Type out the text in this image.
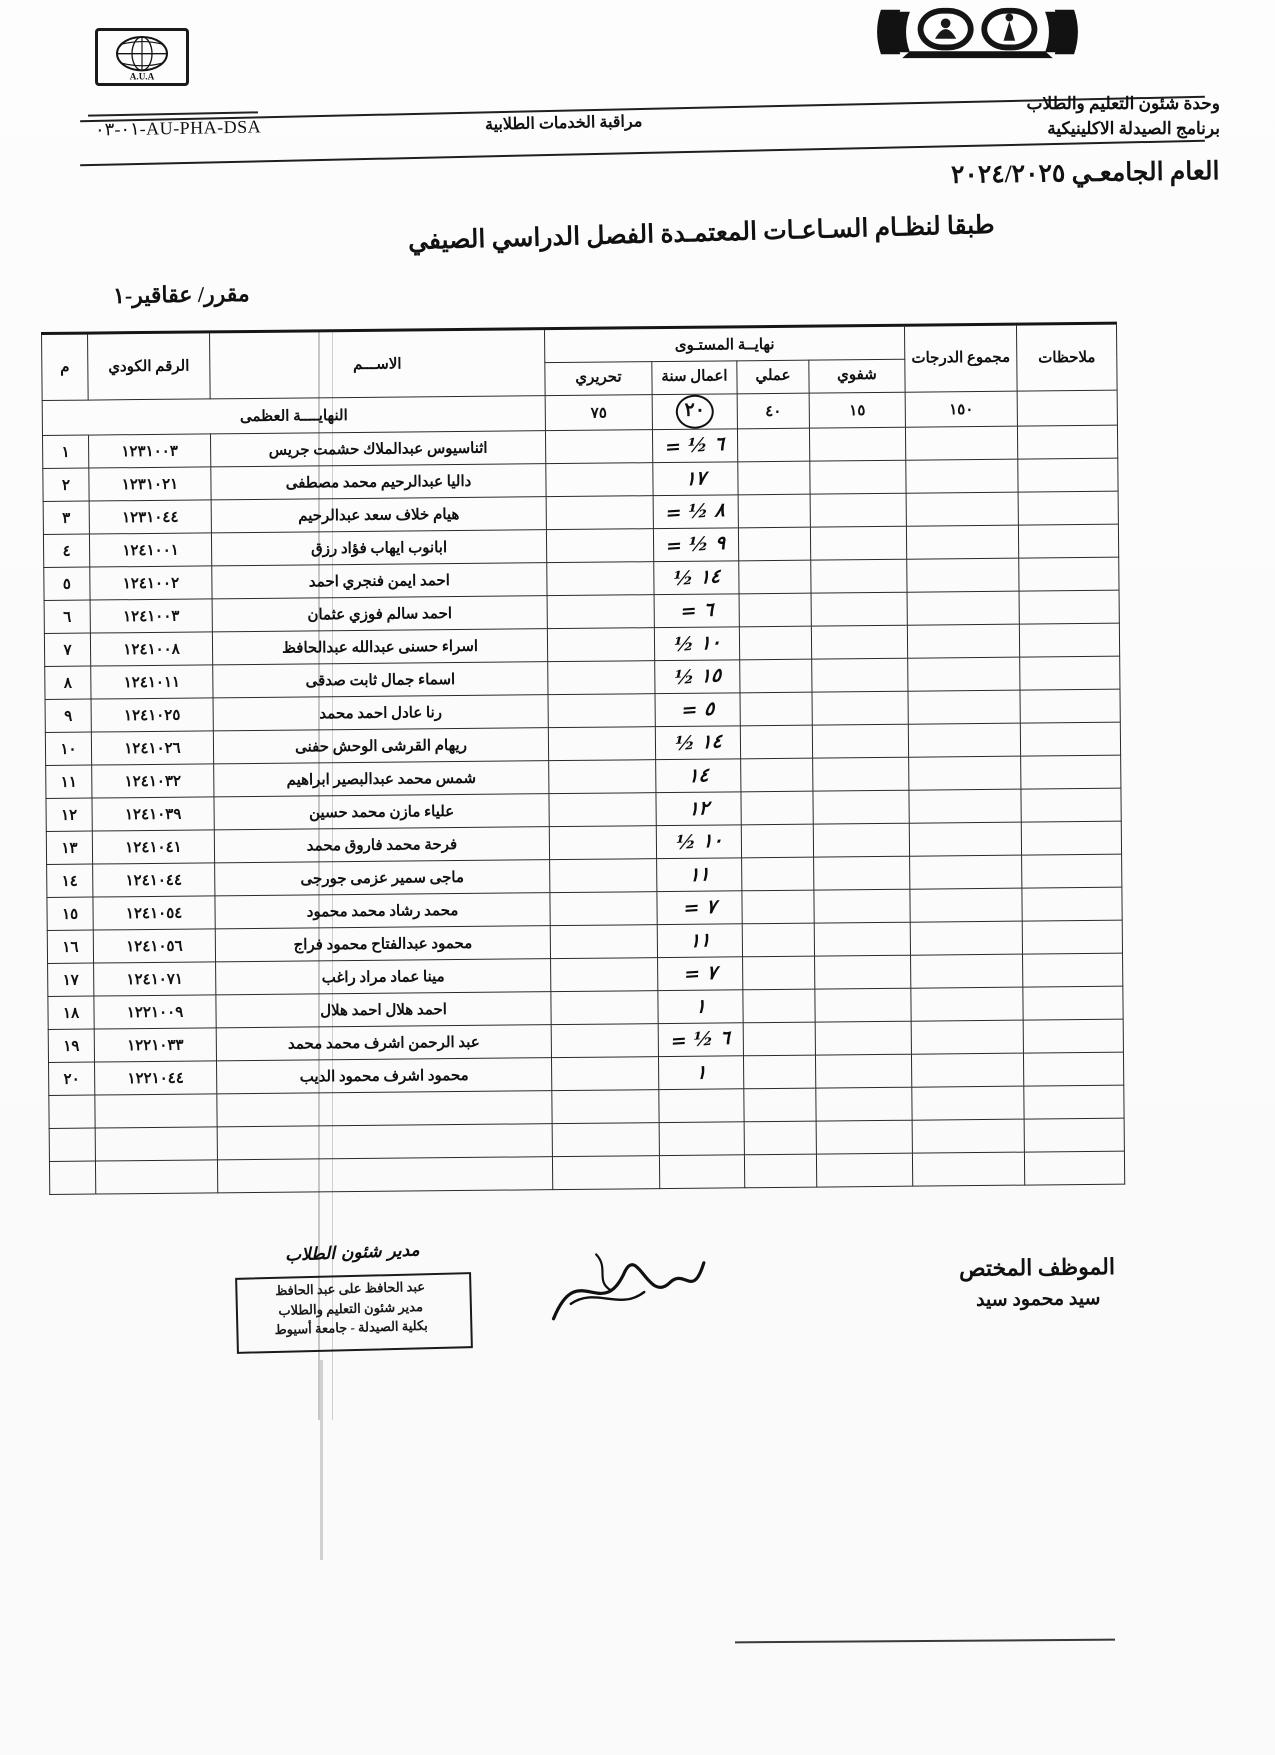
A.U.A
وحدة شئون التعليم والطلاب
برنامج الصيدلة الاكلينيكية
مراقبة الخدمات الطلابية
AU-PHA-DSA-٠١-٠٣
العام الجامعـي ٢٠٢٤/٢٠٢٥
طبقا لنظـام السـاعـات المعتمـدة الفصل الدراسي الصيفي
مقرر/ عقاقير-١
ملاحظات	مجموع الدرجات	نهايــة المستـوى				الاســـم	الرقم الكودي	م
		شفوي	عملي	اعمال سنة	تحريري			
	١٥٠	١٥	٤٠	٢٠	٧٥	النهايــــة العظمى		
				٦ ½ =		اثناسيوس عبدالملاك حشمت جريس	١٢٣١٠٠٣	١
				١٧		داليا عبدالرحيم محمد مصطفى	١٢٣١٠٢١	٢
				٨ ½ =		هيام خلاف سعد عبدالرحيم	١٢٣١٠٤٤	٣
				٩ ½ =		ابانوب ايهاب فؤاد رزق	١٢٤١٠٠١	٤
				١٤ ½		احمد ايمن فنجري احمد	١٢٤١٠٠٢	٥
				٦ =		احمد سالم فوزي عثمان	١٢٤١٠٠٣	٦
				١٠ ½		اسراء حسنى عبدالله عبدالحافظ	١٢٤١٠٠٨	٧
				١٥ ½		اسماء جمال ثابت صدقى	١٢٤١٠١١	٨
				٥ =		رنا عادل احمد محمد	١٢٤١٠٢٥	٩
				١٤ ½		ريهام القرشى الوحش حفنى	١٢٤١٠٢٦	١٠
				١٤		شمس محمد عبدالبصير ابراهيم	١٢٤١٠٣٢	١١
				١٢		علياء مازن محمد حسين	١٢٤١٠٣٩	١٢
				١٠ ½		فرحة محمد فاروق محمد	١٢٤١٠٤١	١٣
				١١		ماجى سمير عزمى جورجى	١٢٤١٠٤٤	١٤
				٧ =		محمد رشاد محمد محمود	١٢٤١٠٥٤	١٥
				١١		محمود عبدالفتاح محمود فراج	١٢٤١٠٥٦	١٦
				٧ =		مينا عماد مراد راغب	١٢٤١٠٧١	١٧
				١		احمد هلال احمد هلال	١٢٢١٠٠٩	١٨
				٦ ½ =		عبد الرحمن اشرف محمد محمد	١٢٢١٠٣٣	١٩
				١		محمود اشرف محمود الديب	١٢٢١٠٤٤	٢٠

الموظف المختص
سيد محمود سيد
مدير شئون الطلاب
عبد الحافظ على عبد الحافظ
مدير شئون التعليم والطلاب
بكلية الصيدلة - جامعة أسيوط
